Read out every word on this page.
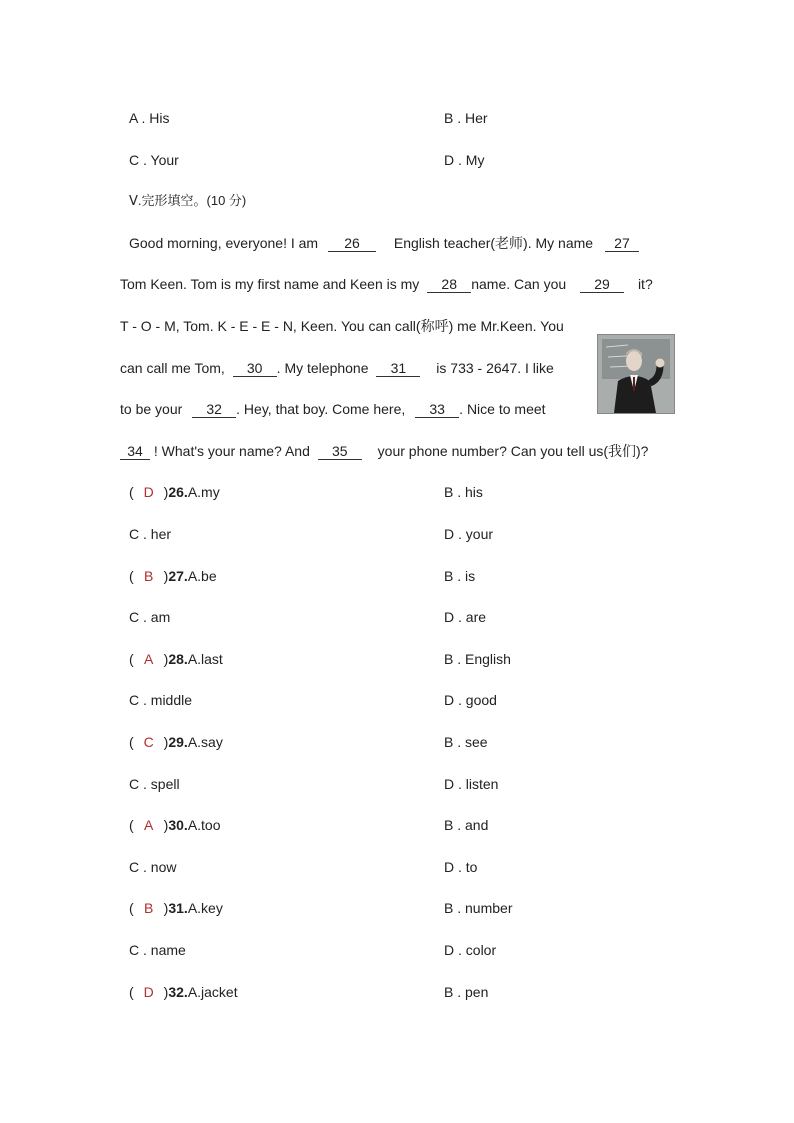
A . His	B . Her
C . Your	D . My
Ⅴ.完形填空。(10 分)
Good morning, everyone! I am 26 English teacher(老师). My name 27
Tom Keen. Tom is my first name and Keen is my 28 name. Can you 29 it?
T - O - M, Tom. K - E - E - N, Keen. You can call(称呼) me Mr.Keen. You
can call me Tom, 30 . My telephone 31 is 733 - 2647. I like
to be your 32 . Hey, that boy. Come here, 33 . Nice to meet
34 ! What's your name? And 35 your phone number? Can you tell us(我们)?
( D )26.A.my	B . his
C . her	D . your
( B )27.A.be	B . is
C . am	D . are
( A )28.A.last	B . English
C . middle	D . good
( C )29.A.say	B . see
C . spell	D . listen
( A )30.A.too	B . and
C . now	D . to
( B )31.A.key	B . number
C . name	D . color
( D )32.A.jacket	B . pen
